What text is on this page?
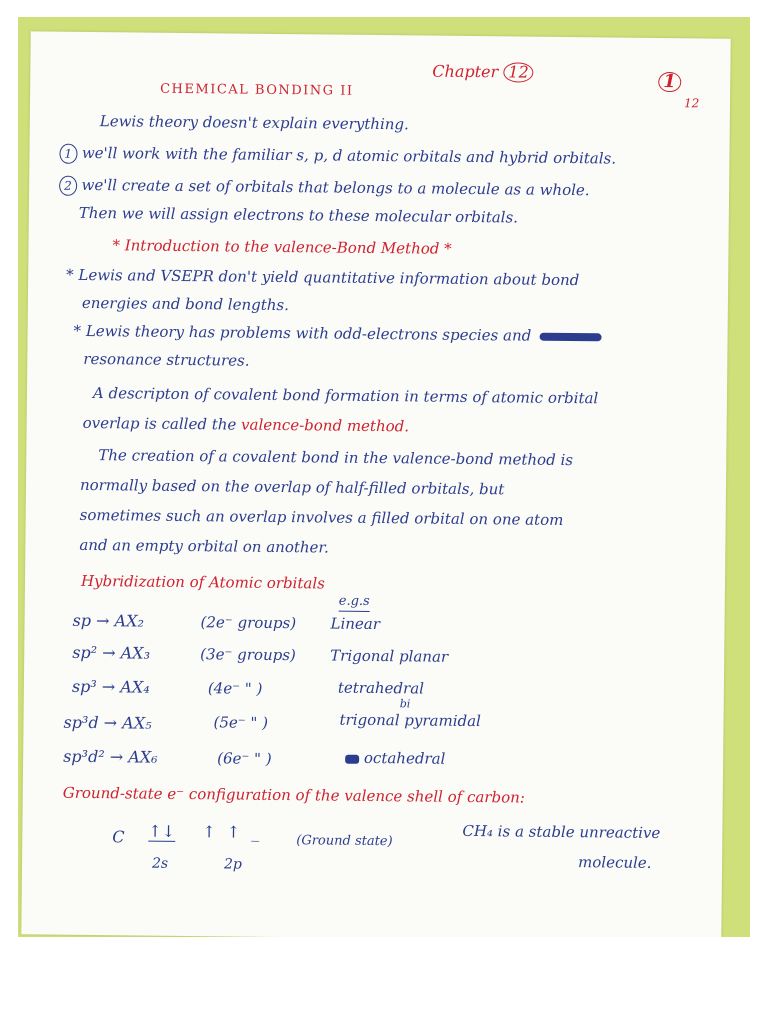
Chapter 12	1
12
CHEMICAL BONDING II
Lewis theory doesn't explain everything.
1 we'll work with the familiar s, p, d atomic orbitals and hybrid orbitals.
2 we'll create a set of orbitals that belongs to a molecule as a whole.
Then we will assign electrons to these molecular orbitals.
* Introduction to the valence-Bond Method *
* Lewis and VSEPR don't yield quantitative information about bond
energies and bond lengths.
* Lewis theory has problems with odd-electrons species and
resonance structures.
A descripton of covalent bond formation in terms of atomic orbital
overlap is called the valence-bond method.
The creation of a covalent bond in the valence-bond method is
normally based on the overlap of half-filled orbitals, but
sometimes such an overlap involves a filled orbital on one atom
and an empty orbital on another.
Hybridization of Atomic orbitals
e.g.s
sp → AX₂	(2e⁻ groups) Linear
sp² → AX₃	(3e⁻ groups) Trigonal planar
sp³ → AX₄	(4e⁻ " )	tetrahedral
bi
sp³d → AX₅	(5e⁻ " )	trigonal pyramidal
sp³d² → AX₆	(6e⁻ " )	octahedral
Ground-state e⁻ configuration of the valence shell of carbon:
C ↑↓ ↑ ↑ _
2s	2p
(Ground state)	CH₄ is a stable unreactive
molecule.
